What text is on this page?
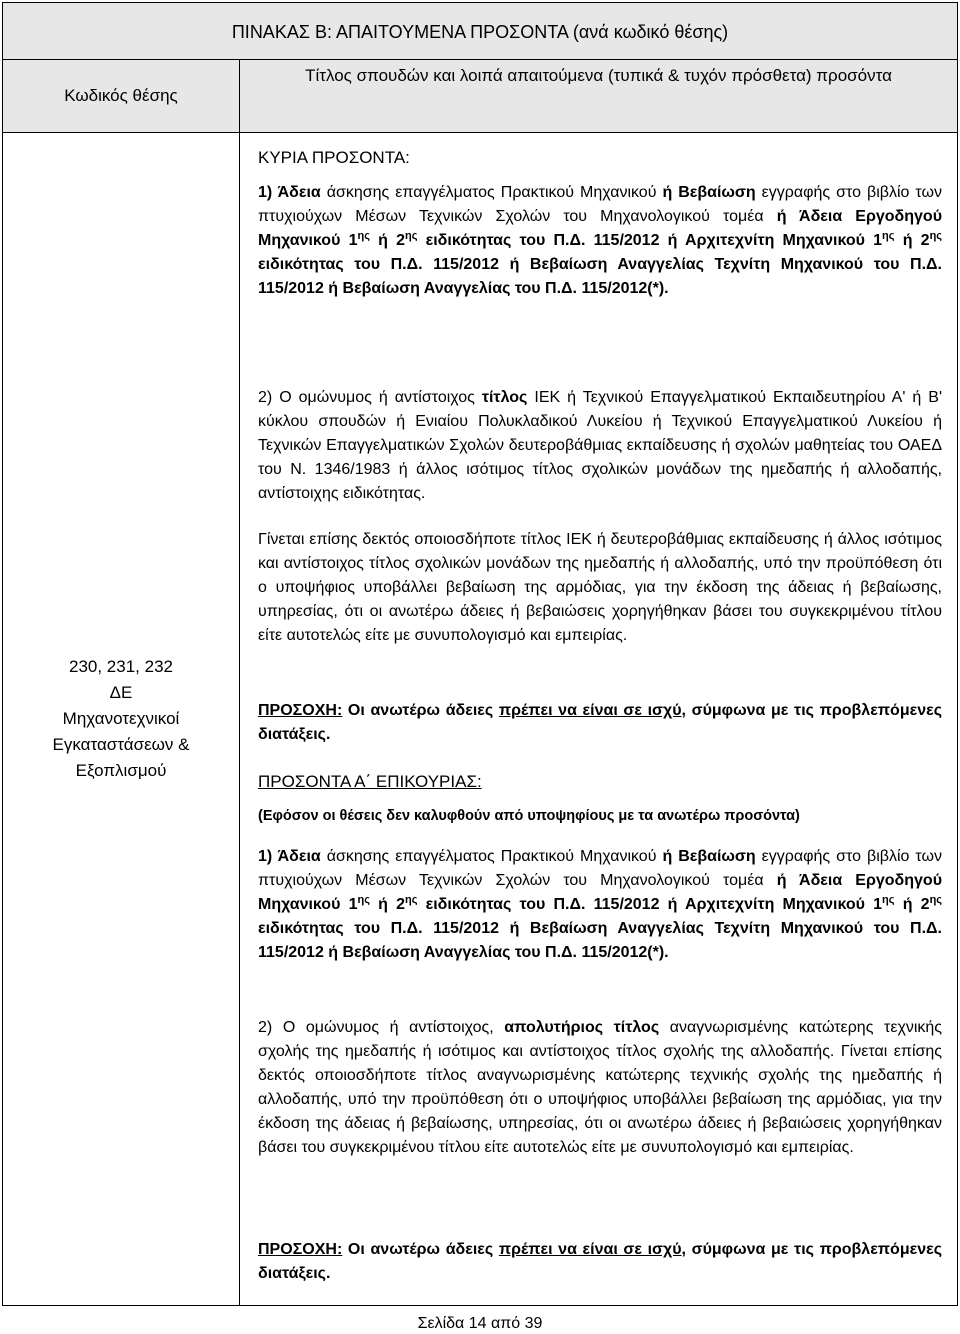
ΠΙΝΑΚΑΣ Β: ΑΠΑΙΤΟΥΜΕΝΑ ΠΡΟΣΟΝΤΑ (ανά κωδικό θέσης)
Κωδικός θέσης
Τίτλος σπουδών και λοιπά απαιτούμενα (τυπικά & τυχόν πρόσθετα) προσόντα
230, 231, 232
ΔΕ
Μηχανοτεχνικοί
Εγκαταστάσεων &
Εξοπλισμού
ΚΥΡΙΑ ΠΡΟΣΟΝΤΑ:
1) Άδεια άσκησης επαγγέλματος Πρακτικού Μηχανικού ή Βεβαίωση εγγραφής στο βιβλίο των πτυχιούχων Μέσων Τεχνικών Σχολών του Μηχανολογικού τομέα ή Άδεια Εργοδηγού Μηχανικού $1^{\eta\varsigma}$ ή $2^{\eta\varsigma}$ ειδικότητας του Π.Δ. 115/2012 ή Αρχιτεχνίτη Μηχανικού $1^{\eta\varsigma}$ ή $2^{\eta\varsigma}$ ειδικότητας του Π.Δ. 115/2012 ή Βεβαίωση Αναγγελίας Τεχνίτη Μηχανικού του Π.Δ. 115/2012 ή Βεβαίωση Αναγγελίας του Π.Δ. 115/2012(*).
2) Ο ομώνυμος ή αντίστοιχος τίτλος ΙΕΚ ή Τεχνικού Επαγγελματικού Εκπαιδευτηρίου Α' ή Β' κύκλου σπουδών ή Ενιαίου Πολυκλαδικού Λυκείου ή Τεχνικού Επαγγελματικού Λυκείου ή Τεχνικών Επαγγελματικών Σχολών δευτεροβάθμιας εκπαίδευσης ή σχολών μαθητείας του ΟΑΕΔ του Ν. 1346/1983 ή άλλος ισότιμος τίτλος σχολικών μονάδων της ημεδαπής ή αλλοδαπής, αντίστοιχης ειδικότητας.
Γίνεται επίσης δεκτός οποιοσδήποτε τίτλος ΙΕΚ ή δευτεροβάθμιας εκπαίδευσης ή άλλος ισότιμος και αντίστοιχος τίτλος σχολικών μονάδων της ημεδαπής ή αλλοδαπής, υπό την προϋπόθεση ότι ο υποψήφιος υποβάλλει βεβαίωση της αρμόδιας, για την έκδοση της άδειας ή βεβαίωσης, υπηρεσίας, ότι οι ανωτέρω άδειες ή βεβαιώσεις χορηγήθηκαν βάσει του συγκεκριμένου τίτλου είτε αυτοτελώς είτε με συνυπολογισμό και εμπειρίας.
ΠΡΟΣΟΧΗ: Οι ανωτέρω άδειες πρέπει να είναι σε ισχύ, σύμφωνα με τις προβλεπόμενες διατάξεις.
ΠΡΟΣΟΝΤΑ Α΄ ΕΠΙΚΟΥΡΙΑΣ:
(Εφόσον οι θέσεις δεν καλυφθούν από υποψηφίους με τα ανωτέρω προσόντα)
1) Άδεια άσκησης επαγγέλματος Πρακτικού Μηχανικού ή Βεβαίωση εγγραφής στο βιβλίο των πτυχιούχων Μέσων Τεχνικών Σχολών του Μηχανολογικού τομέα ή Άδεια Εργοδηγού Μηχανικού $1^{\eta\varsigma}$ ή $2^{\eta\varsigma}$ ειδικότητας του Π.Δ. 115/2012 ή Αρχιτεχνίτη Μηχανικού $1^{\eta\varsigma}$ ή $2^{\eta\varsigma}$ ειδικότητας του Π.Δ. 115/2012 ή Βεβαίωση Αναγγελίας Τεχνίτη Μηχανικού του Π.Δ. 115/2012 ή Βεβαίωση Αναγγελίας του Π.Δ. 115/2012(*).
2) Ο ομώνυμος ή αντίστοιχος, απολυτήριος τίτλος αναγνωρισμένης κατώτερης τεχνικής σχολής της ημεδαπής ή ισότιμος και αντίστοιχος τίτλος σχολής της αλλοδαπής. Γίνεται επίσης δεκτός οποιοσδήποτε τίτλος αναγνωρισμένης κατώτερης τεχνικής σχολής της ημεδαπής ή αλλοδαπής, υπό την προϋπόθεση ότι ο υποψήφιος υποβάλλει βεβαίωση της αρμόδιας, για την έκδοση της άδειας ή βεβαίωσης, υπηρεσίας, ότι οι ανωτέρω άδειες ή βεβαιώσεις χορηγήθηκαν βάσει του συγκεκριμένου τίτλου είτε αυτοτελώς είτε με συνυπολογισμό και εμπειρίας.
ΠΡΟΣΟΧΗ: Οι ανωτέρω άδειες πρέπει να είναι σε ισχύ, σύμφωνα με τις προβλεπόμενες διατάξεις.
Σελίδα 14 από 39
